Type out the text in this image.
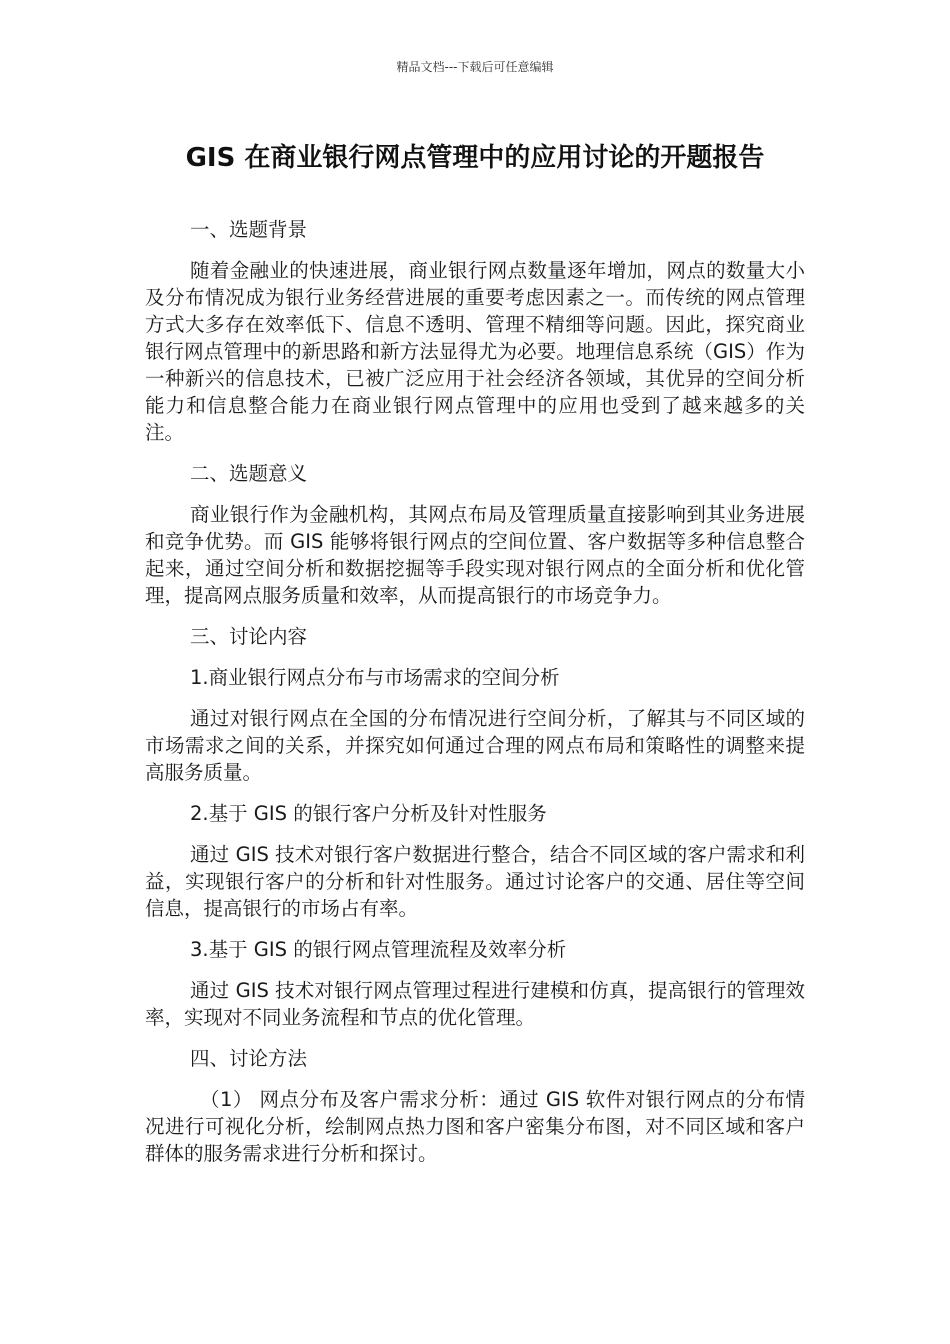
精品文档---下载后可任意编辑
GIS 在商业银行网点管理中的应用讨论的开题报告

一、选题背景

随着金融业的快速进展，商业银行网点数量逐年增加，网点的数量大小及分布情况成为银行业务经营进展的重要考虑因素之一。而传统的网点管理方式大多存在效率低下、信息不透明、管理不精细等问题。因此，探究商业银行网点管理中的新思路和新方法显得尤为必要。地理信息系统（GIS）作为一种新兴的信息技术，已被广泛应用于社会经济各领域，其优异的空间分析能力和信息整合能力在商业银行网点管理中的应用也受到了越来越多的关注。

二、选题意义

商业银行作为金融机构，其网点布局及管理质量直接影响到其业务进展和竞争优势。而 GIS 能够将银行网点的空间位置、客户数据等多种信息整合起来，通过空间分析和数据挖掘等手段实现对银行网点的全面分析和优化管理，提高网点服务质量和效率，从而提高银行的市场竞争力。

三、讨论内容

1.商业银行网点分布与市场需求的空间分析

通过对银行网点在全国的分布情况进行空间分析，了解其与不同区域的市场需求之间的关系，并探究如何通过合理的网点布局和策略性的调整来提高服务质量。

2.基于 GIS 的银行客户分析及针对性服务

通过 GIS 技术对银行客户数据进行整合，结合不同区域的客户需求和利益，实现银行客户的分析和针对性服务。通过讨论客户的交通、居住等空间信息，提高银行的市场占有率。

3.基于 GIS 的银行网点管理流程及效率分析

通过 GIS 技术对银行网点管理过程进行建模和仿真，提高银行的管理效率，实现对不同业务流程和节点的优化管理。

四、讨论方法

（1） 网点分布及客户需求分析：通过 GIS 软件对银行网点的分布情况进行可视化分析，绘制网点热力图和客户密集分布图，对不同区域和客户群体的服务需求进行分析和探讨。
